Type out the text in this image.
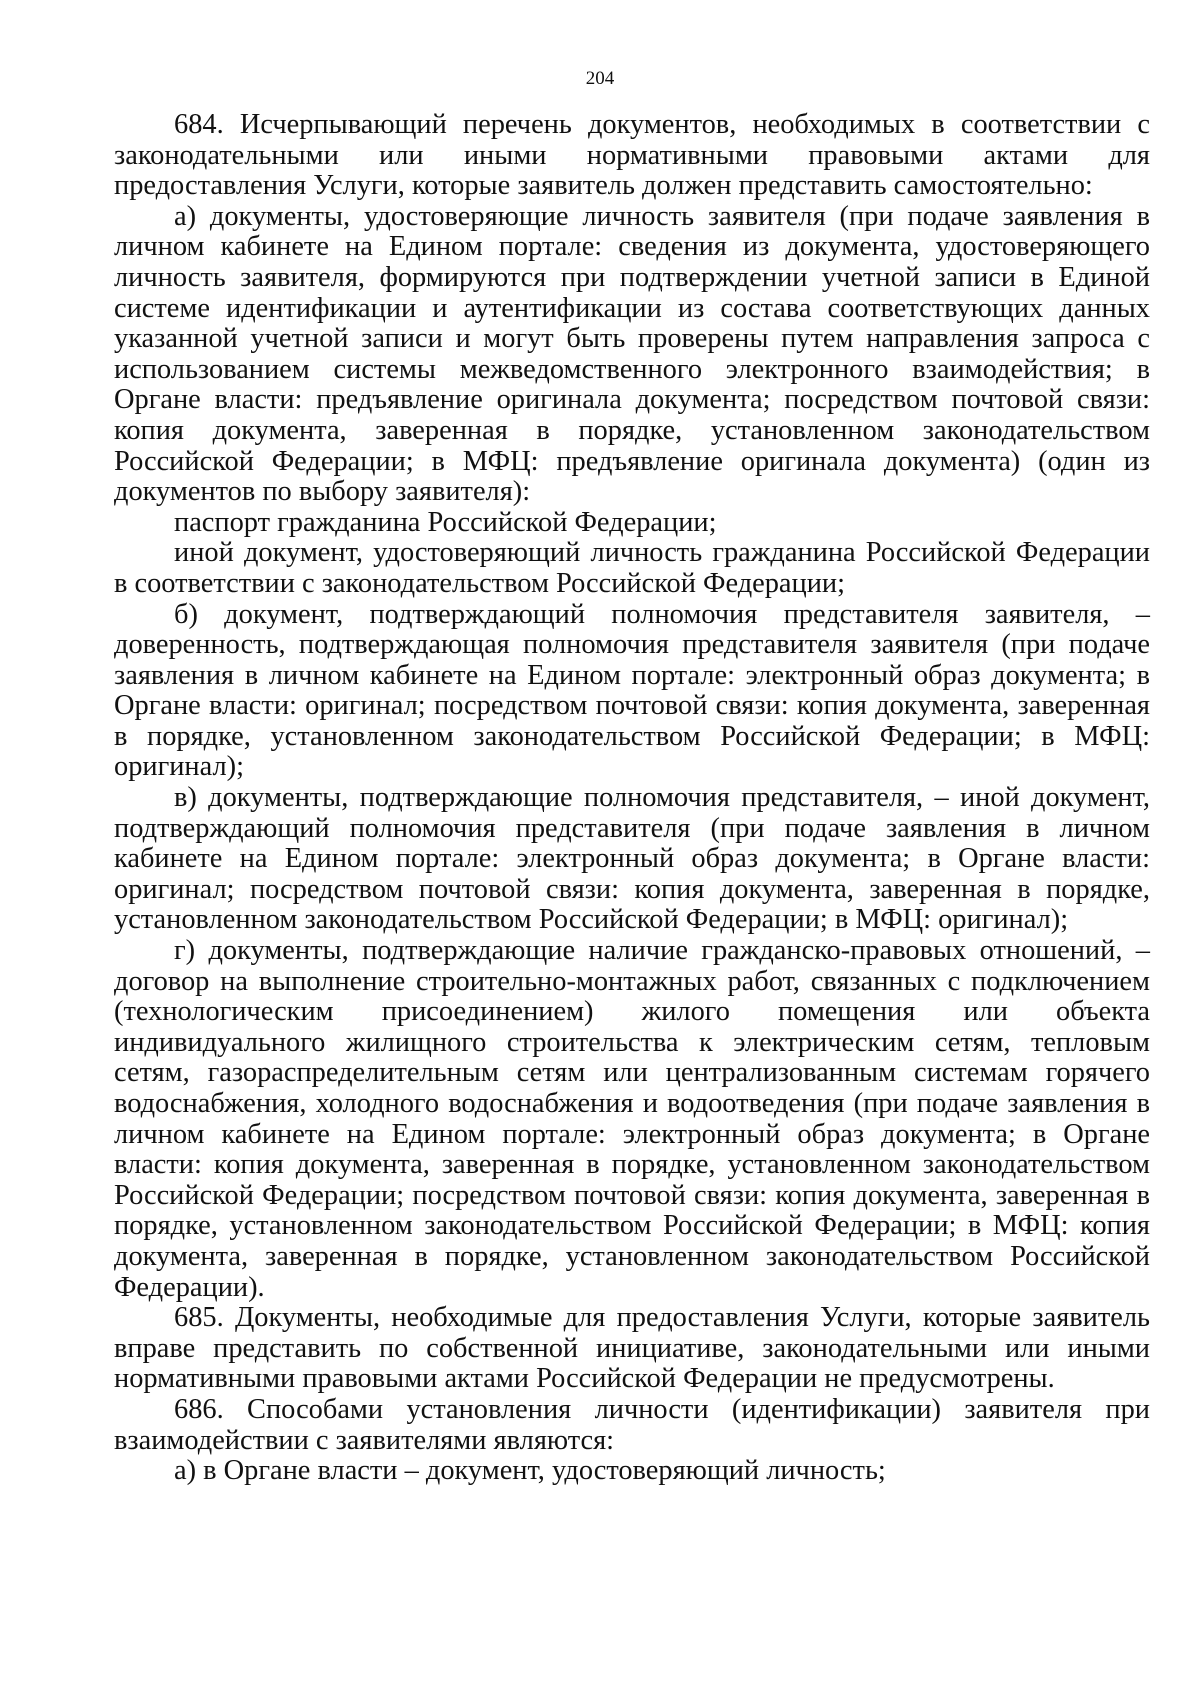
204

684. Исчерпывающий перечень документов, необходимых в соответствии с законодательными или иными нормативными правовыми актами для предоставления Услуги, которые заявитель должен представить самостоятельно:

а) документы, удостоверяющие личность заявителя (при подаче заявления в личном кабинете на Едином портале: сведения из документа, удостоверяющего личность заявителя, формируются при подтверждении учетной записи в Единой системе идентификации и аутентификации из состава соответствующих данных указанной учетной записи и могут быть проверены путем направления запроса с использованием системы межведомственного электронного взаимодействия; в Органе власти: предъявление оригинала документа; посредством почтовой связи: копия документа, заверенная в порядке, установленном законодательством Российской Федерации; в МФЦ: предъявление оригинала документа) (один из документов по выбору заявителя):

паспорт гражданина Российской Федерации;

иной документ, удостоверяющий личность гражданина Российской Федерации в соответствии с законодательством Российской Федерации;

б) документ, подтверждающий полномочия представителя заявителя, – доверенность, подтверждающая полномочия представителя заявителя (при подаче заявления в личном кабинете на Едином портале: электронный образ документа; в Органе власти: оригинал; посредством почтовой связи: копия документа, заверенная в порядке, установленном законодательством Российской Федерации; в МФЦ: оригинал);

в) документы, подтверждающие полномочия представителя, – иной документ, подтверждающий полномочия представителя (при подаче заявления в личном кабинете на Едином портале: электронный образ документа; в Органе власти: оригинал; посредством почтовой связи: копия документа, заверенная в порядке, установленном законодательством Российской Федерации; в МФЦ: оригинал);

г) документы, подтверждающие наличие гражданско-правовых отношений, – договор на выполнение строительно-монтажных работ, связанных с подключением (технологическим присоединением) жилого помещения или объекта индивидуального жилищного строительства к электрическим сетям, тепловым сетям, газораспределительным сетям или централизованным системам горячего водоснабжения, холодного водоснабжения и водоотведения (при подаче заявления в личном кабинете на Едином портале: электронный образ документа; в Органе власти: копия документа, заверенная в порядке, установленном законодательством Российской Федерации; посредством почтовой связи: копия документа, заверенная в порядке, установленном законодательством Российской Федерации; в МФЦ: копия документа, заверенная в порядке, установленном законодательством Российской Федерации).

685. Документы, необходимые для предоставления Услуги, которые заявитель вправе представить по собственной инициативе, законодательными или иными нормативными правовыми актами Российской Федерации не предусмотрены.

686. Способами установления личности (идентификации) заявителя при взаимодействии с заявителями являются:

а) в Органе власти – документ, удостоверяющий личность;
